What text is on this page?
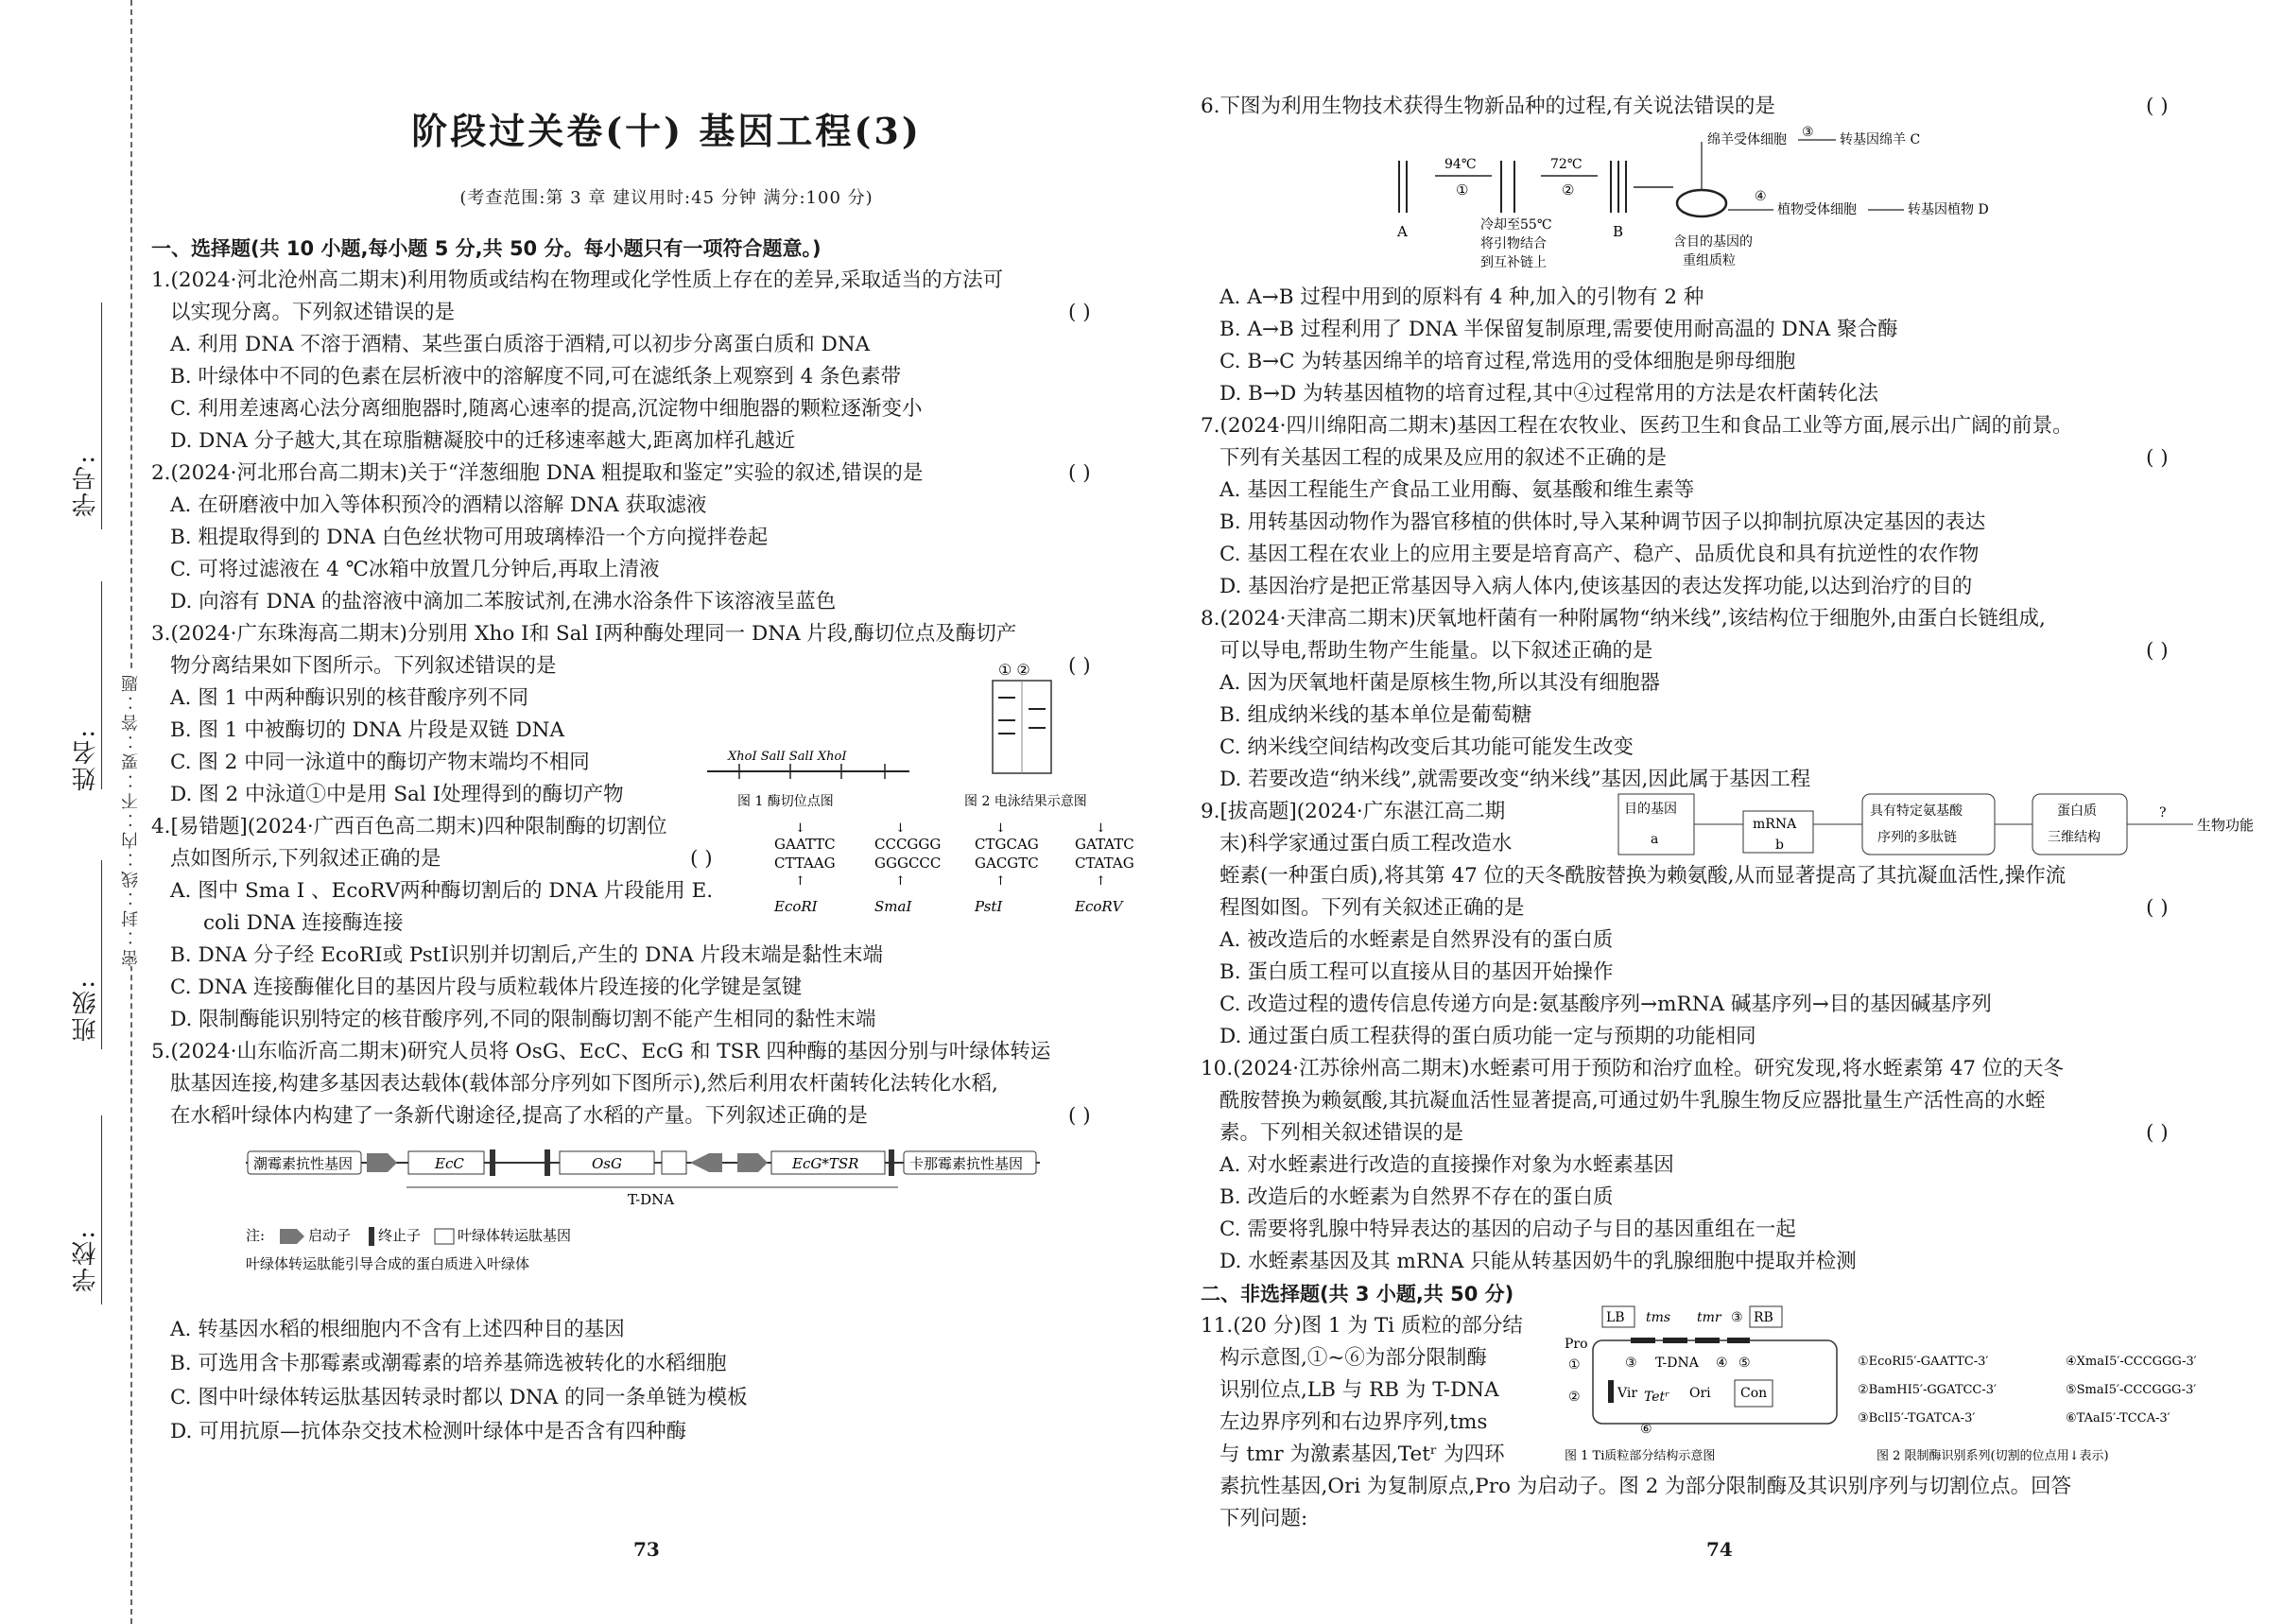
学校:
班级:
姓名:
学号:
密··封··线··内··不··要··答··题
阶段过关卷(十) 基因工程(3)
(考查范围:第 3 章 建议用时:45 分钟 满分:100 分)
一、选择题(共 10 小题,每小题 5 分,共 50 分。每小题只有一项符合题意。)
1.(2024·河北沧州高二期末)利用物质或结构在物理或化学性质上存在的差异,采取适当的方法可
以实现分离。下列叙述错误的是	( )
A. 利用 DNA 不溶于酒精、某些蛋白质溶于酒精,可以初步分离蛋白质和 DNA
B. 叶绿体中不同的色素在层析液中的溶解度不同,可在滤纸条上观察到 4 条色素带
C. 利用差速离心法分离细胞器时,随离心速率的提高,沉淀物中细胞器的颗粒逐渐变小
D. DNA 分子越大,其在琼脂糖凝胶中的迁移速率越大,距离加样孔越近
2.(2024·河北邢台高二期末)关于“洋葱细胞 DNA 粗提取和鉴定”实验的叙述,错误的是	( )
A. 在研磨液中加入等体积预冷的酒精以溶解 DNA 获取滤液
B. 粗提取得到的 DNA 白色丝状物可用玻璃棒沿一个方向搅拌卷起
C. 可将过滤液在 4 ℃冰箱中放置几分钟后,再取上清液
D. 向溶有 DNA 的盐溶液中滴加二苯胺试剂,在沸水浴条件下该溶液呈蓝色
3.(2024·广东珠海高二期末)分别用 Xho Ⅰ和 Sal Ⅰ两种酶处理同一 DNA 片段,酶切位点及酶切产
物分离结果如下图所示。下列叙述错误的是	( )
A. 图 1 中两种酶识别的核苷酸序列不同
B. 图 1 中被酶切的 DNA 片段是双链 DNA
C. 图 2 中同一泳道中的酶切产物末端均不相同
D. 图 2 中泳道①中是用 Sal Ⅰ处理得到的酶切产物
XhoⅠ SalⅠ SalⅠ XhoⅠ
图 1 酶切位点图
① ②
图 2 电泳结果示意图
4.[易错题](2024·广西百色高二期末)四种限制酶的切割位
点如图所示,下列叙述正确的是	( )
A. 图中 Sma Ⅰ 、EcoRⅤ两种酶切割后的 DNA 片段能用 E.
coli DNA 连接酶连接
B. DNA 分子经 EcoRⅠ或 PstⅠ识别并切割后,产生的 DNA 片段末端是黏性末端
C. DNA 连接酶催化目的基因片段与质粒载体片段连接的化学键是氢键
D. 限制酶能识别特定的核苷酸序列,不同的限制酶切割不能产生相同的黏性末端
↓
GAATTC
CTTAAG
↑
EcoRⅠ
↓
CCCGGG
GGGCCC
↑
SmaⅠ
↓
CTGCAG
GACGTC
↑
PstⅠ
↓
GATATC
CTATAG
↑
EcoRⅤ
5.(2024·山东临沂高二期末)研究人员将 OsG、EcC、EcG 和 TSR 四种酶的基因分别与叶绿体转运
肽基因连接,构建多基因表达载体(载体部分序列如下图所示),然后利用农杆菌转化法转化水稻,
在水稻叶绿体内构建了一条新代谢途径,提高了水稻的产量。下列叙述正确的是	( )
潮霉素抗性基因	EcC	OsG	EcG*TSR	卡那霉素抗性基因
T-DNA
注:	启动子 终止子	叶绿体转运肽基因
叶绿体转运肽能引导合成的蛋白质进入叶绿体
A. 转基因水稻的根细胞内不含有上述四种目的基因
B. 可选用含卡那霉素或潮霉素的培养基筛选被转化的水稻细胞
C. 图中叶绿体转运肽基因转录时都以 DNA 的同一条单链为模板
D. 可用抗原—抗体杂交技术检测叶绿体中是否含有四种酶
73
6.下图为利用生物技术获得生物新品种的过程,有关说法错误的是	( )
A
94℃
①
72℃
②
B
冷却至55℃
将引物结合
到互补链上
含目的基因的
重组质粒
绵羊受体细胞 ③ 转基因绵羊 C
④
植物受体细胞	转基因植物 D
A. A→B 过程中用到的原料有 4 种,加入的引物有 2 种
B. A→B 过程利用了 DNA 半保留复制原理,需要使用耐高温的 DNA 聚合酶
C. B→C 为转基因绵羊的培育过程,常选用的受体细胞是卵母细胞
D. B→D 为转基因植物的培育过程,其中④过程常用的方法是农杆菌转化法
7.(2024·四川绵阳高二期末)基因工程在农牧业、医药卫生和食品工业等方面,展示出广阔的前景。
下列有关基因工程的成果及应用的叙述不正确的是	( )
A. 基因工程能生产食品工业用酶、氨基酸和维生素等
B. 用转基因动物作为器官移植的供体时,导入某种调节因子以抑制抗原决定基因的表达
C. 基因工程在农业上的应用主要是培育高产、稳产、品质优良和具有抗逆性的农作物
D. 基因治疗是把正常基因导入病人体内,使该基因的表达发挥功能,以达到治疗的目的
8.(2024·天津高二期末)厌氧地杆菌有一种附属物“纳米线”,该结构位于细胞外,由蛋白长链组成,
可以导电,帮助生物产生能量。以下叙述正确的是	( )
A. 因为厌氧地杆菌是原核生物,所以其没有细胞器
B. 组成纳米线的基本单位是葡萄糖
C. 纳米线空间结构改变后其功能可能发生改变
D. 若要改造“纳米线”,就需要改变“纳米线”基因,因此属于基因工程
9.[拔高题](2024·广东湛江高二期
末)科学家通过蛋白质工程改造水
目的基因
a
mRNA
b
具有特定氨基酸
序列的多肽链
蛋白质
三维结构
?
生物功能
蛭素(一种蛋白质),将其第 47 位的天冬酰胺替换为赖氨酸,从而显著提高了其抗凝血活性,操作流
程图如图。下列有关叙述正确的是	( )
A. 被改造后的水蛭素是自然界没有的蛋白质
B. 蛋白质工程可以直接从目的基因开始操作
C. 改造过程的遗传信息传递方向是:氨基酸序列→mRNA 碱基序列→目的基因碱基序列
D. 通过蛋白质工程获得的蛋白质功能一定与预期的功能相同
10.(2024·江苏徐州高二期末)水蛭素可用于预防和治疗血栓。研究发现,将水蛭素第 47 位的天冬
酰胺替换为赖氨酸,其抗凝血活性显著提高,可通过奶牛乳腺生物反应器批量生产活性高的水蛭
素。下列相关叙述错误的是	( )
A. 对水蛭素进行改造的直接操作对象为水蛭素基因
B. 改造后的水蛭素为自然界不存在的蛋白质
C. 需要将乳腺中特异表达的基因的启动子与目的基因重组在一起
D. 水蛭素基因及其 mRNA 只能从转基因奶牛的乳腺细胞中提取并检测
二、非选择题(共 3 小题,共 50 分)
11.(20 分)图 1 为 Ti 质粒的部分结
构示意图,①~⑥为部分限制酶
识别位点,LB 与 RB 为 T-DNA
左边界序列和右边界序列,tms
与 tmr 为激素基因,Tetʳ 为四环
LB tms tmr ③ RB
Pro
①	③ T-DNA ④ ⑤
②	Vir Tetʳ Ori Con
⑥
图 1 Ti质粒部分结构示意图
①EcoRⅠ5′-GAATTC-3′
②BamHⅠ5′-GGATCC-3′
③BclⅠ5′-TGATCA-3′
④XmaⅠ5′-CCCGGG-3′
⑤SmaⅠ5′-CCCGGG-3′
⑥TAaⅠ5′-TCCA-3′
图 2 限制酶识别系列(切割的位点用↓表示)
素抗性基因,Ori 为复制原点,Pro 为启动子。图 2 为部分限制酶及其识别序列与切割位点。回答
下列问题:
74
